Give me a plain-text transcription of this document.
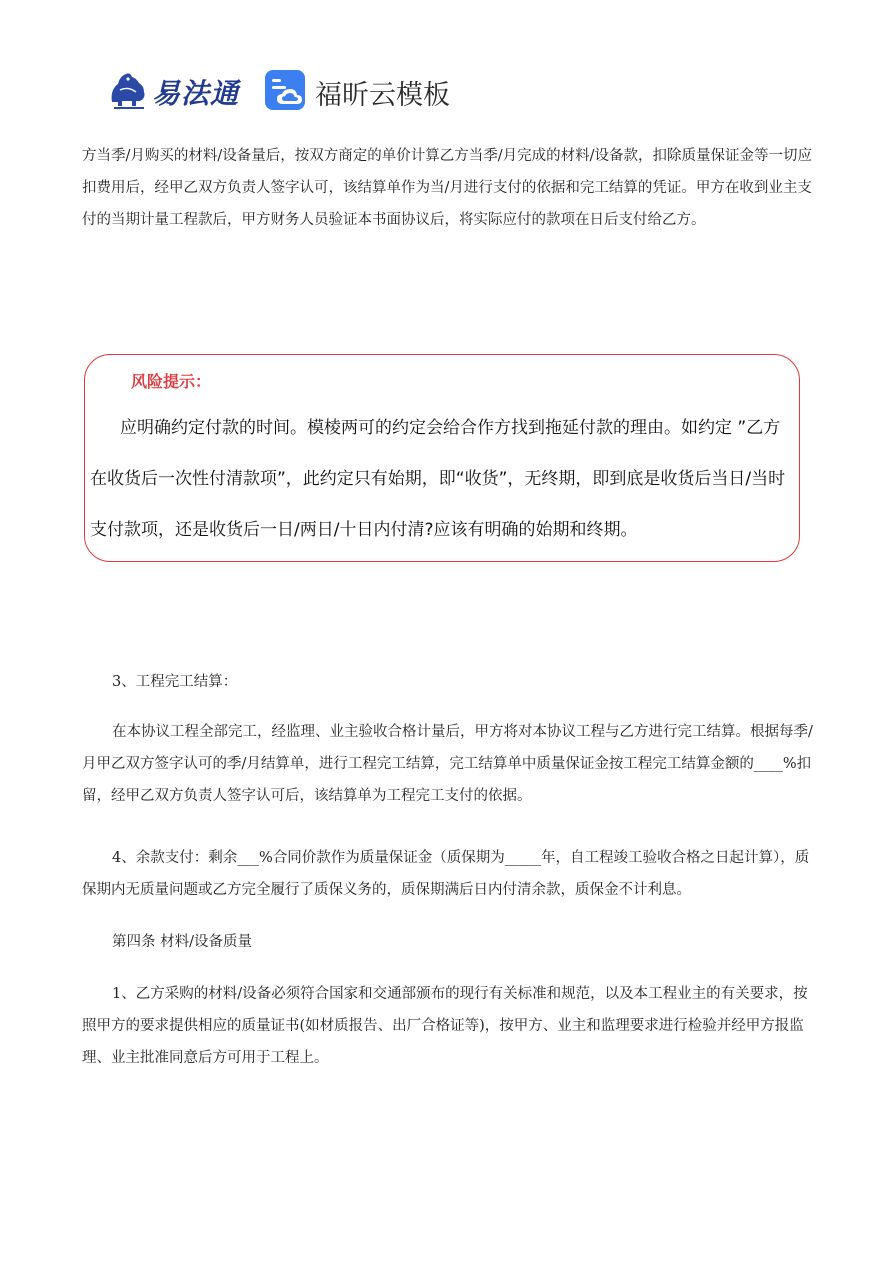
易法通	福昕云模板

方当季/月购买的材料/设备量后，按双方商定的单价计算乙方当季/月完成的材料/设备款，扣除质量保证金等一切应扣费用后，经甲乙双方负责人签字认可，该结算单作为当/月进行支付的依据和完工结算的凭证。甲方在收到业主支付的当期计量工程款后，甲方财务人员验证本书面协议后，将实际应付的款项在日后支付给乙方。

风险提示：

应明确约定付款的时间。模棱两可的约定会给合作方找到拖延付款的理由。如约定 ”乙方在收货后一次性付清款项”，此约定只有始期，即“收货”，无终期，即到底是收货后当日/当时支付款项，还是收货后一日/两日/十日内付清?应该有明确的始期和终期。

3、工程完工结算：

在本协议工程全部完工，经监理、业主验收合格计量后，甲方将对本协议工程与乙方进行完工结算。根据每季/月甲乙双方签字认可的季/月结算单，进行工程完工结算，完工结算单中质量保证金按工程完工结算金额的____%扣留，经甲乙双方负责人签字认可后，该结算单为工程完工支付的依据。

4、余款支付：剩余___%合同价款作为质量保证金（质保期为_____年，自工程竣工验收合格之日起计算），质保期内无质量问题或乙方完全履行了质保义务的，质保期满后日内付清余款，质保金不计利息。

第四条 材料/设备质量

1、乙方采购的材料/设备必须符合国家和交通部颁布的现行有关标准和规范，以及本工程业主的有关要求，按照甲方的要求提供相应的质量证书(如材质报告、出厂合格证等)，按甲方、业主和监理要求进行检验并经甲方报监理、业主批准同意后方可用于工程上。
